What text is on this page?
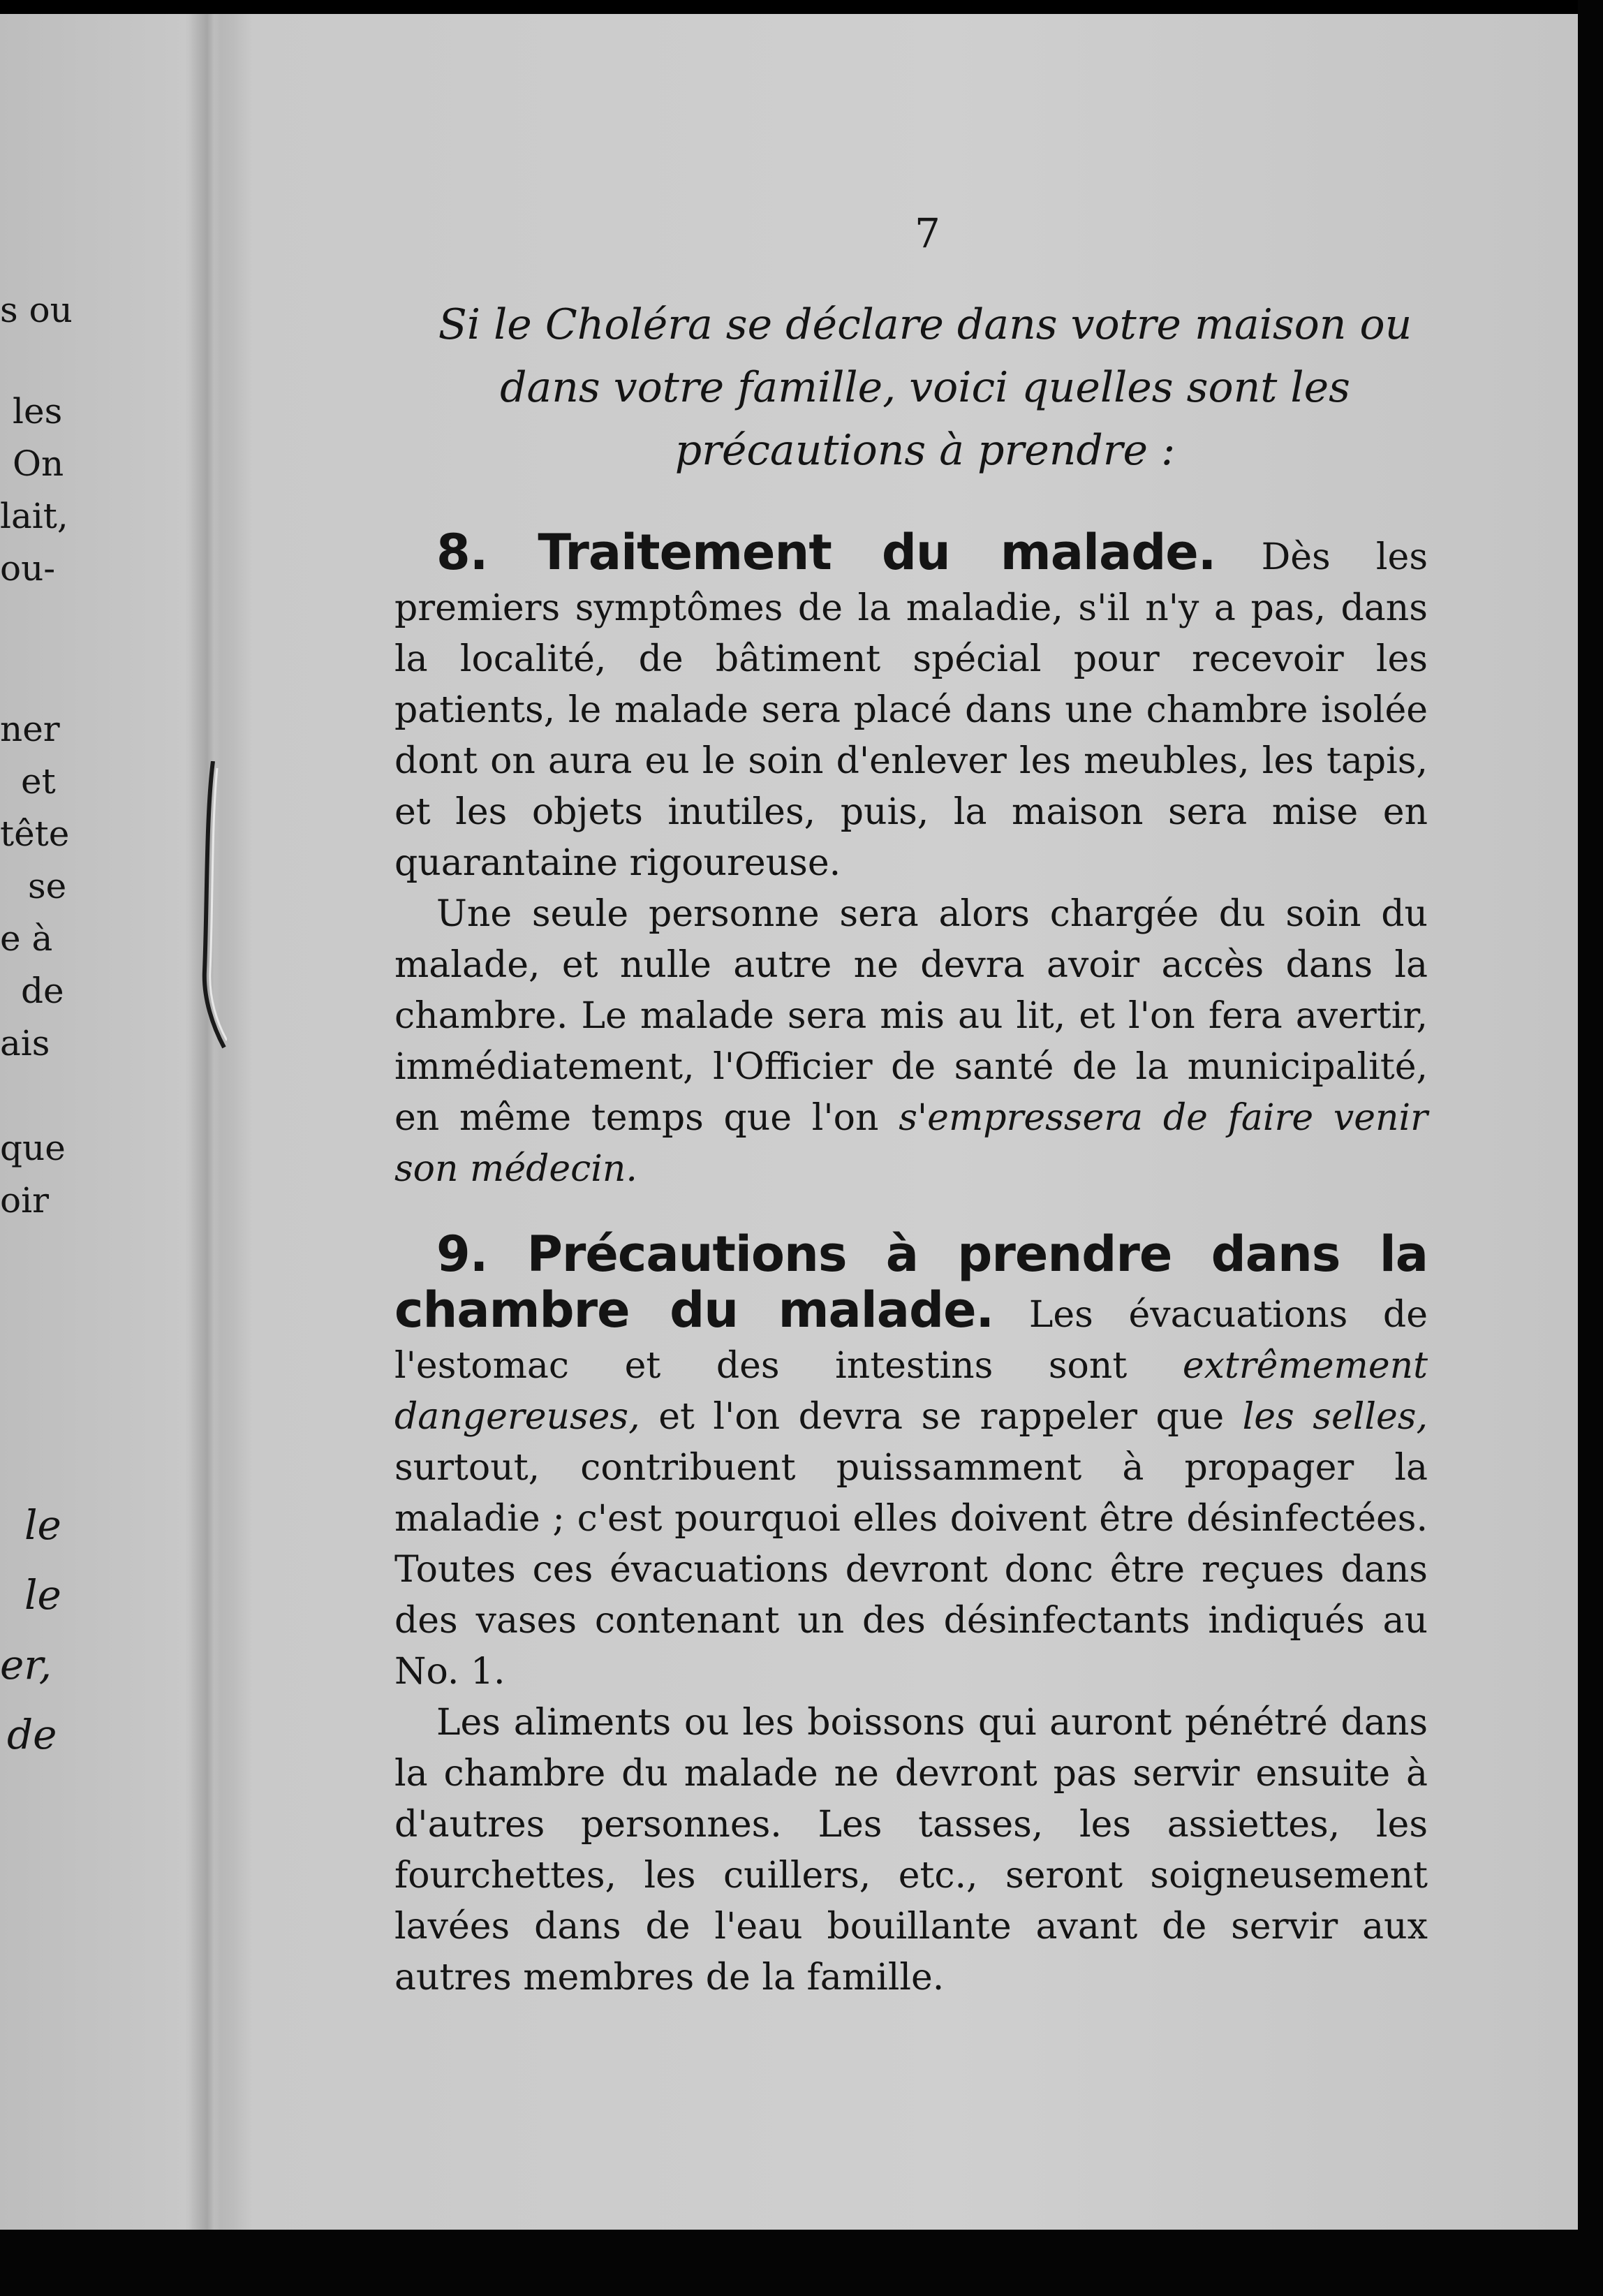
s ou
les
On
lait,
ou-
ner
et
tête
se
e à
de
ais
que
oir
le
le
er,
de
7
Si le Choléra se déclare dans votre maison ou dans votre famille, voici quelles sont les précautions à prendre :

8. Traitement du malade. Dès les premiers symptômes de la maladie, s'il n'y a pas, dans la localité, de bâtiment spécial pour recevoir les patients, le malade sera placé dans une chambre isolée dont on aura eu le soin d'enlever les meubles, les tapis, et les objets inutiles, puis, la maison sera mise en quarantaine rigoureuse.

Une seule personne sera alors chargée du soin du malade, et nulle autre ne devra avoir accès dans la chambre. Le malade sera mis au lit, et l'on fera avertir, immédiatement, l'Officier de santé de la municipalité, en même temps que l'on s'empressera de faire venir son médecin.

9. Précautions à prendre dans la chambre du malade. Les évacuations de l'estomac et des intestins sont extrêmement dangereuses, et l'on devra se rappeler que les selles, surtout, contribuent puissamment à propager la maladie ; c'est pourquoi elles doivent être désinfectées. Toutes ces évacuations devront donc être reçues dans des vases contenant un des désinfectants indiqués au No. 1.

Les aliments ou les boissons qui auront pénétré dans la chambre du malade ne devront pas servir ensuite à d'autres personnes. Les tasses, les assiettes, les fourchettes, les cuillers, etc., seront soigneusement lavées dans de l'eau bouillante avant de servir aux autres membres de la famille.
